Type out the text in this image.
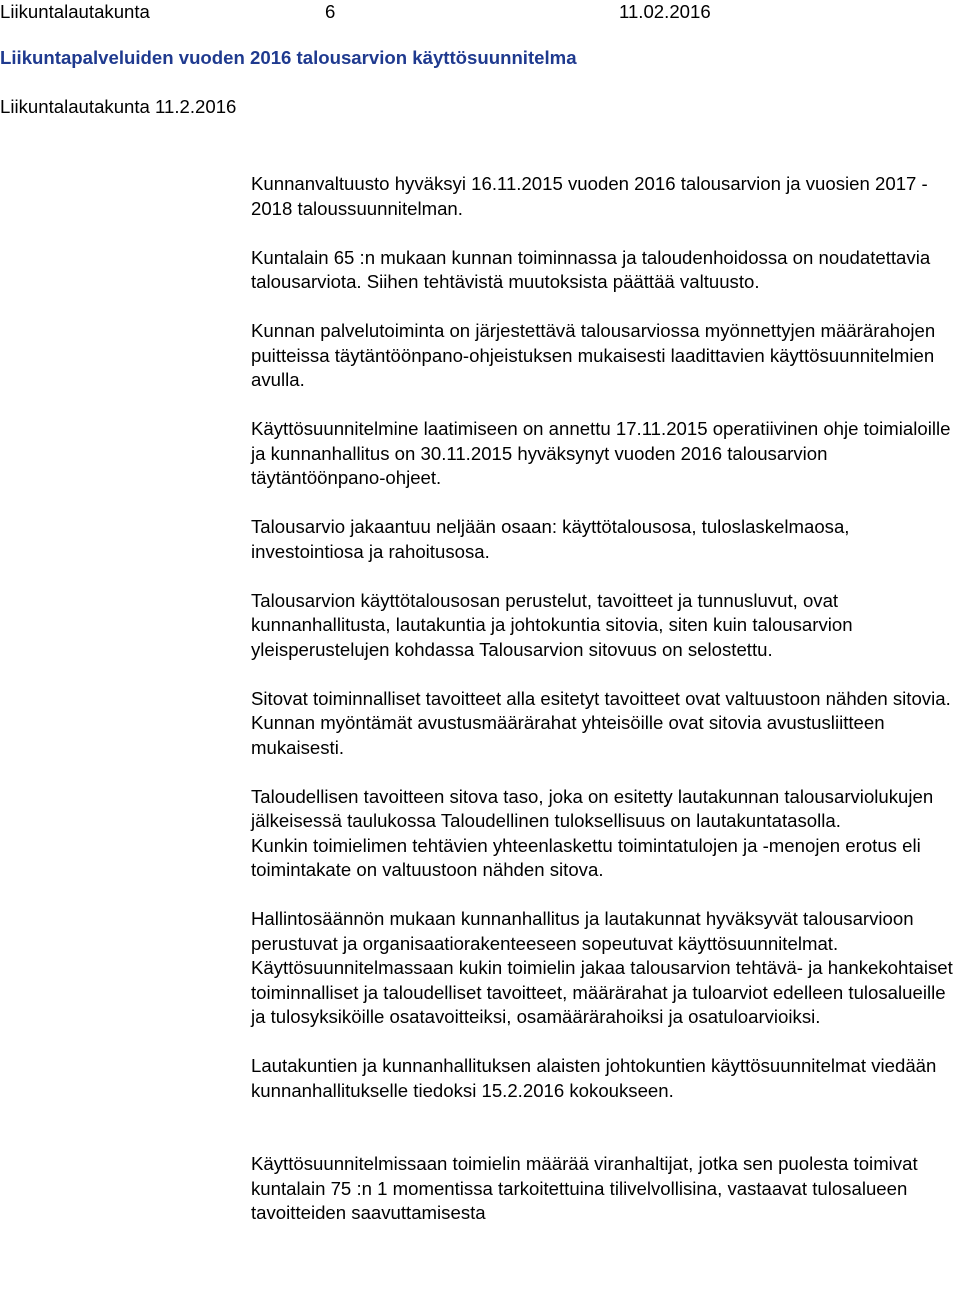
Liikuntalautakunta	6	11.02.2016
Liikuntapalveluiden vuoden 2016 talousarvion käyttösuunnitelma
Liikuntalautakunta 11.2.2016

Kunnanvaltuusto hyväksyi 16.11.2015 vuoden 2016 talousarvion ja vuosien 2017 - 2018 taloussuunnitelman.

Kuntalain 65 :n mukaan kunnan toiminnassa ja taloudenhoidossa on noudatettavia talousarviota. Siihen tehtävistä muutoksista päättää valtuusto.

Kunnan palvelutoiminta on järjestettävä talousarviossa myönnettyjen määrärahojen puitteissa täytäntöönpano-ohjeistuksen mukaisesti laadittavien käyttösuunnitelmien avulla.

Käyttösuunnitelmine laatimiseen on annettu 17.11.2015 operatiivinen ohje toimialoille ja kunnanhallitus on 30.11.2015 hyväksynyt vuoden 2016 talousarvion täytäntöönpano-ohjeet.

Talousarvio jakaantuu neljään osaan: käyttötalousosa, tuloslaskelmaosa, investointiosa ja rahoitusosa.

Talousarvion käyttötalousosan perustelut, tavoitteet ja tunnusluvut, ovat kunnanhallitusta, lautakuntia ja johtokuntia sitovia, siten kuin talousarvion yleisperustelujen kohdassa Talousarvion sitovuus on selostettu.

Sitovat toiminnalliset tavoitteet alla esitetyt tavoitteet ovat valtuustoon nähden sitovia. Kunnan myöntämät avustusmäärärahat yhteisöille ovat sitovia avustusliitteen mukaisesti.

Taloudellisen tavoitteen sitova taso, joka on esitetty lautakunnan talousarviolukujen jälkeisessä taulukossa Taloudellinen tuloksellisuus on lautakuntatasolla.

Kunkin toimielimen tehtävien yhteenlaskettu toimintatulojen ja -menojen erotus eli toimintakate on valtuustoon nähden sitova.

Hallintosäännön mukaan kunnanhallitus ja lautakunnat hyväksyvät talousarvioon perustuvat ja organisaatiorakenteeseen sopeutuvat käyttösuunnitelmat. Käyttösuunnitelmassaan kukin toimielin jakaa talousarvion tehtävä- ja hankekohtaiset toiminnalliset ja taloudelliset tavoitteet, määrärahat ja tuloarviot edelleen tulosalueille ja tulosyksiköille osatavoitteiksi, osamäärärahoiksi ja osatuloarvioiksi.

Lautakuntien ja kunnanhallituksen alaisten johtokuntien käyttösuunnitelmat viedään kunnanhallitukselle tiedoksi 15.2.2016 kokoukseen.

Käyttösuunnitelmissaan toimielin määrää viranhaltijat, jotka sen puolesta toimivat kuntalain 75 :n 1 momentissa tarkoitettuina tilivelvollisina, vastaavat tulosalueen tavoitteiden saavuttamisesta
